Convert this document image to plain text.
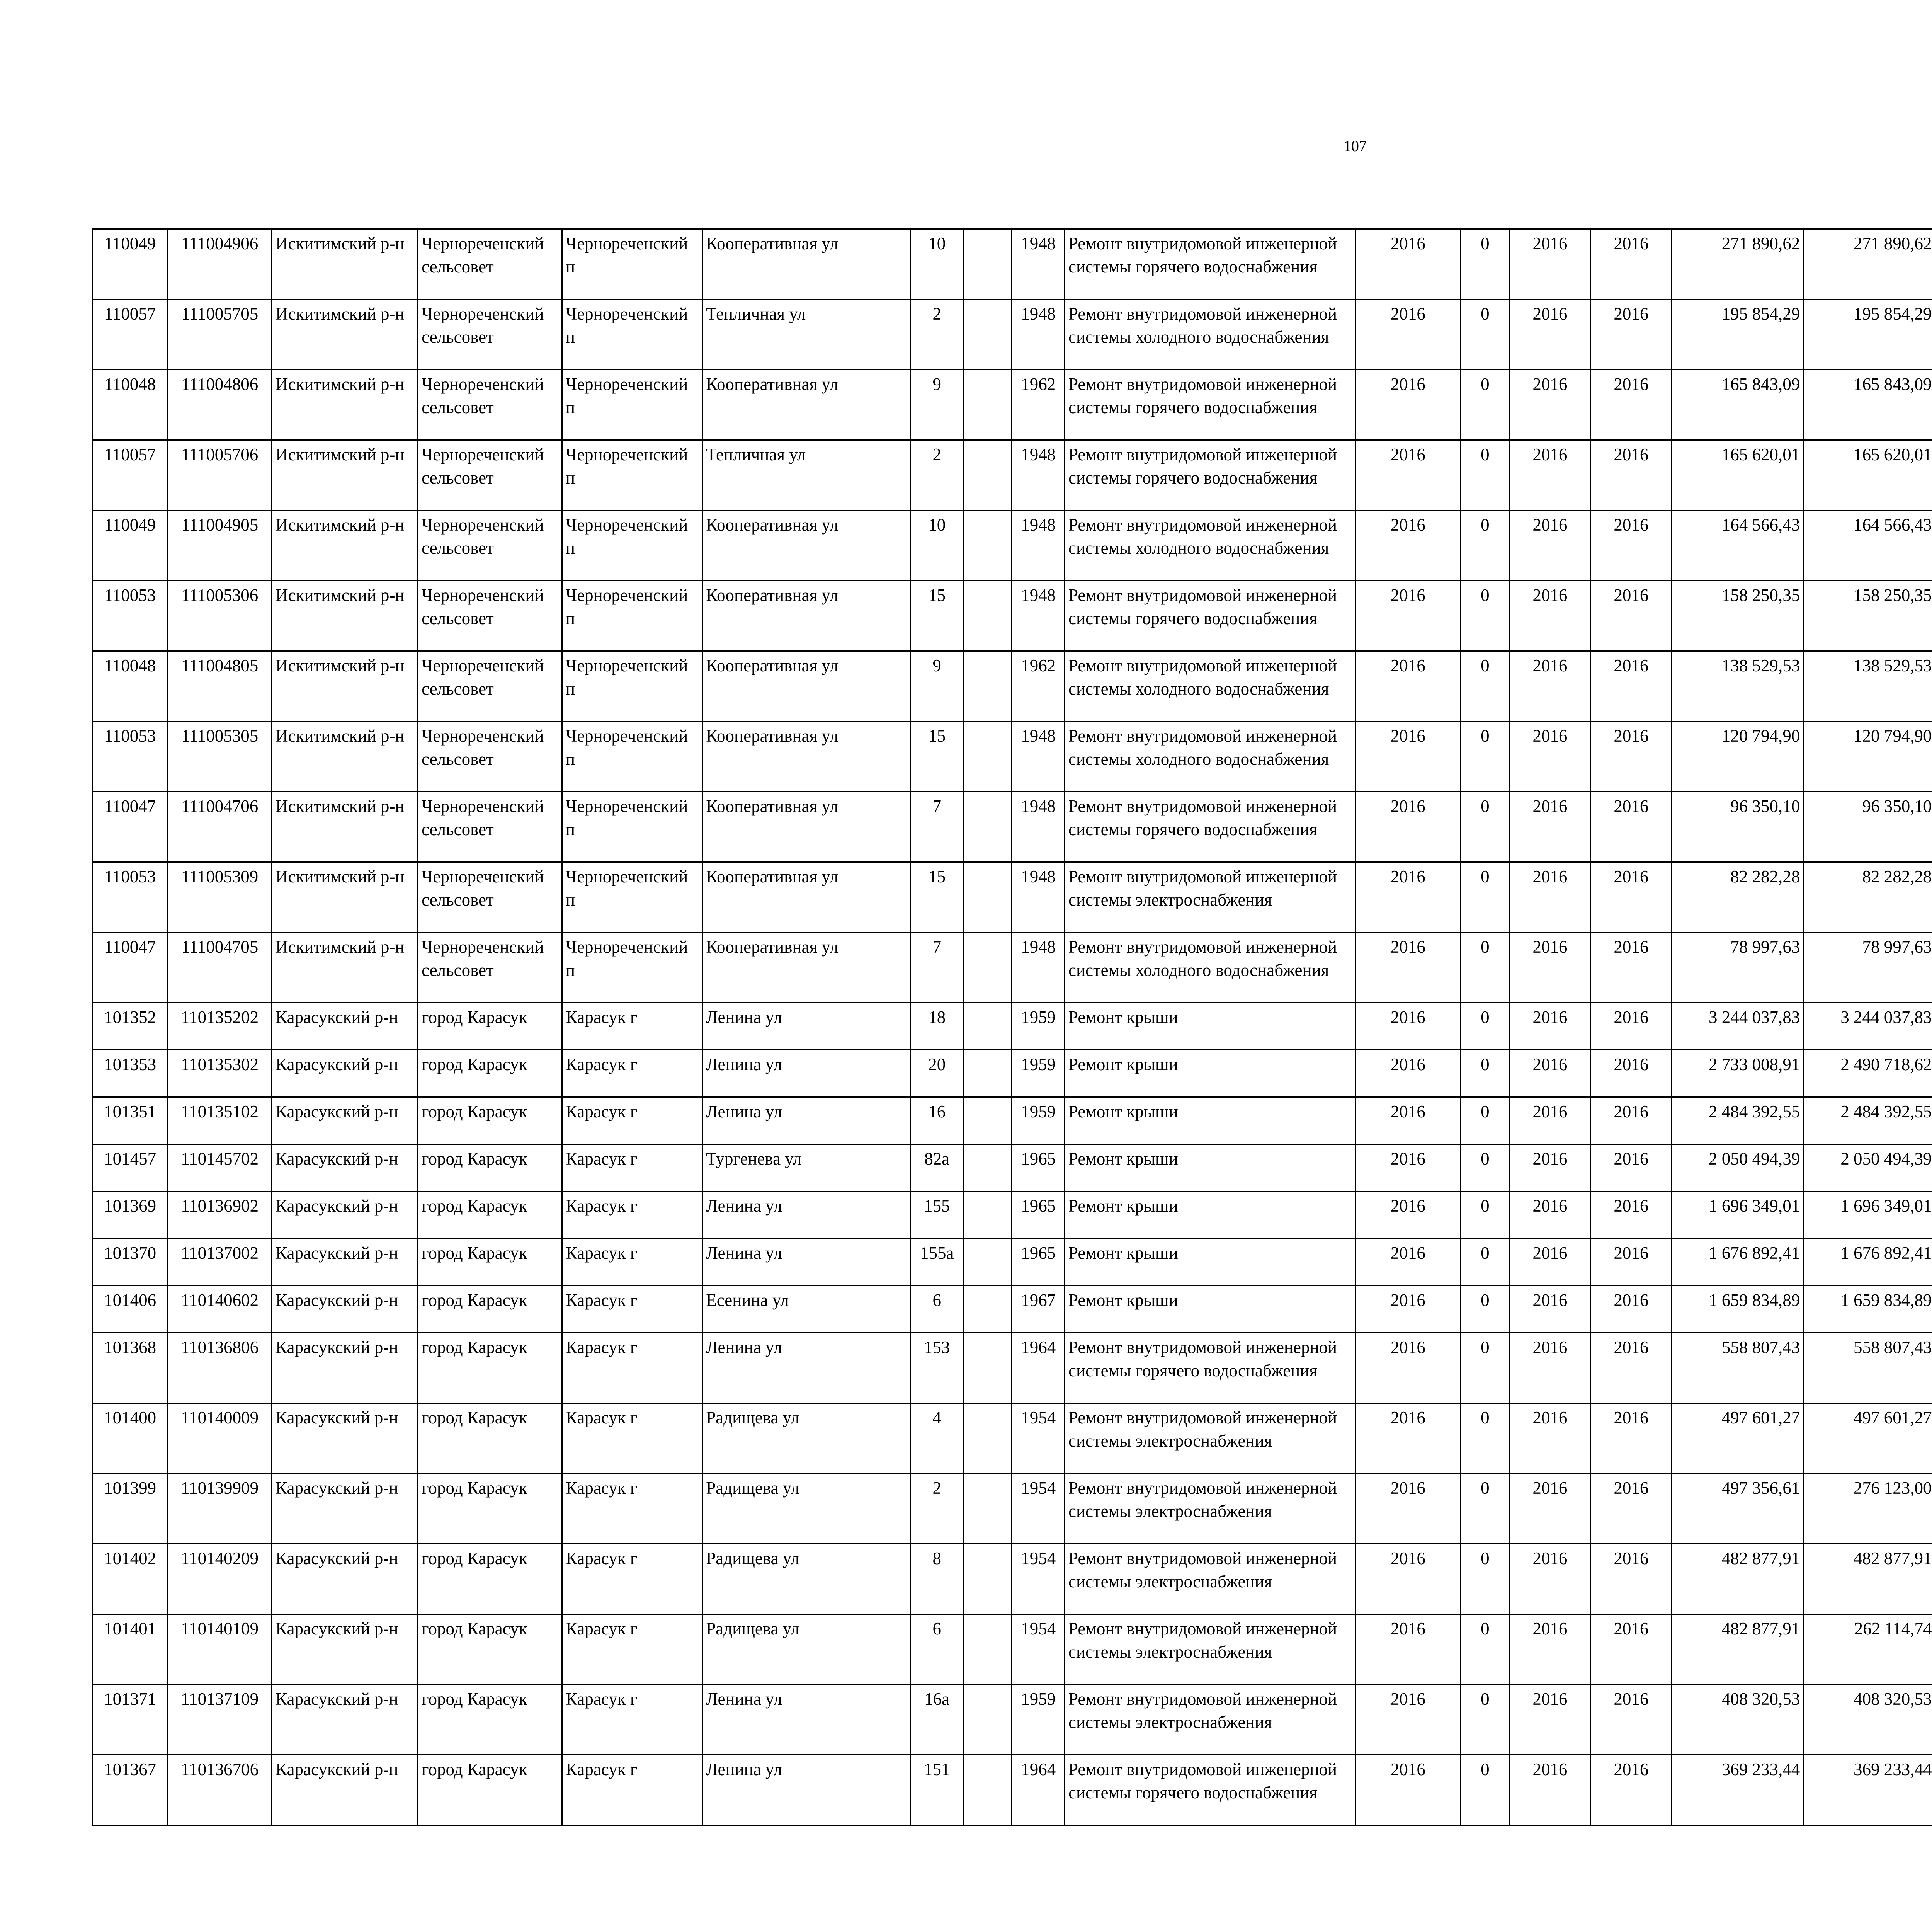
107
110049	111004906	Искитимский р-н	Чернореченский сельсовет	Чернореченский п	Кооперативная ул	10		1948	Ремонт внутридомовой инженерной системы горячего водоснабжения	2016	0	2016	2016	271 890,62	271 890,62					
110057	111005705	Искитимский р-н	Чернореченский сельсовет	Чернореченский п	Тепличная ул	2		1948	Ремонт внутридомовой инженерной системы холодного водоснабжения	2016	0	2016	2016	195 854,29	195 854,29					
110048	111004806	Искитимский р-н	Чернореченский сельсовет	Чернореченский п	Кооперативная ул	9		1962	Ремонт внутридомовой инженерной системы горячего водоснабжения	2016	0	2016	2016	165 843,09	165 843,09					
110057	111005706	Искитимский р-н	Чернореченский сельсовет	Чернореченский п	Тепличная ул	2		1948	Ремонт внутридомовой инженерной системы горячего водоснабжения	2016	0	2016	2016	165 620,01	165 620,01					
110049	111004905	Искитимский р-н	Чернореченский сельсовет	Чернореченский п	Кооперативная ул	10		1948	Ремонт внутридомовой инженерной системы холодного водоснабжения	2016	0	2016	2016	164 566,43	164 566,43					
110053	111005306	Искитимский р-н	Чернореченский сельсовет	Чернореченский п	Кооперативная ул	15		1948	Ремонт внутридомовой инженерной системы горячего водоснабжения	2016	0	2016	2016	158 250,35	158 250,35					
110048	111004805	Искитимский р-н	Чернореченский сельсовет	Чернореченский п	Кооперативная ул	9		1962	Ремонт внутридомовой инженерной системы холодного водоснабжения	2016	0	2016	2016	138 529,53	138 529,53					
110053	111005305	Искитимский р-н	Чернореченский сельсовет	Чернореченский п	Кооперативная ул	15		1948	Ремонт внутридомовой инженерной системы холодного водоснабжения	2016	0	2016	2016	120 794,90	120 794,90					
110047	111004706	Искитимский р-н	Чернореченский сельсовет	Чернореченский п	Кооперативная ул	7		1948	Ремонт внутридомовой инженерной системы горячего водоснабжения	2016	0	2016	2016	96 350,10	96 350,10					
110053	111005309	Искитимский р-н	Чернореченский сельсовет	Чернореченский п	Кооперативная ул	15		1948	Ремонт внутридомовой инженерной системы электроснабжения	2016	0	2016	2016	82 282,28	82 282,28					
110047	111004705	Искитимский р-н	Чернореченский сельсовет	Чернореченский п	Кооперативная ул	7		1948	Ремонт внутридомовой инженерной системы холодного водоснабжения	2016	0	2016	2016	78 997,63	78 997,63					
101352	110135202	Карасукский р-н	город Карасук	Карасук г	Ленина ул	18		1959	Ремонт крыши	2016	0	2016	2016	3 244 037,83	3 244 037,83					
101353	110135302	Карасукский р-н	город Карасук	Карасук г	Ленина ул	20		1959	Ремонт крыши	2016	0	2016	2016	2 733 008,91	2 490 718,62					
101351	110135102	Карасукский р-н	город Карасук	Карасук г	Ленина ул	16		1959	Ремонт крыши	2016	0	2016	2016	2 484 392,55	2 484 392,55					
101457	110145702	Карасукский р-н	город Карасук	Карасук г	Тургенева ул	82а		1965	Ремонт крыши	2016	0	2016	2016	2 050 494,39	2 050 494,39					
101369	110136902	Карасукский р-н	город Карасук	Карасук г	Ленина ул	155		1965	Ремонт крыши	2016	0	2016	2016	1 696 349,01	1 696 349,01					
101370	110137002	Карасукский р-н	город Карасук	Карасук г	Ленина ул	155а		1965	Ремонт крыши	2016	0	2016	2016	1 676 892,41	1 676 892,41					
101406	110140602	Карасукский р-н	город Карасук	Карасук г	Есенина ул	6		1967	Ремонт крыши	2016	0	2016	2016	1 659 834,89	1 659 834,89					
101368	110136806	Карасукский р-н	город Карасук	Карасук г	Ленина ул	153		1964	Ремонт внутридомовой инженерной системы горячего водоснабжения	2016	0	2016	2016	558 807,43	558 807,43					
101400	110140009	Карасукский р-н	город Карасук	Карасук г	Радищева ул	4		1954	Ремонт внутридомовой инженерной системы электроснабжения	2016	0	2016	2016	497 601,27	497 601,27					
101399	110139909	Карасукский р-н	город Карасук	Карасук г	Радищева ул	2		1954	Ремонт внутридомовой инженерной системы электроснабжения	2016	0	2016	2016	497 356,61	276 123,00					
101402	110140209	Карасукский р-н	город Карасук	Карасук г	Радищева ул	8		1954	Ремонт внутридомовой инженерной системы электроснабжения	2016	0	2016	2016	482 877,91	482 877,91					
101401	110140109	Карасукский р-н	город Карасук	Карасук г	Радищева ул	6		1954	Ремонт внутридомовой инженерной системы электроснабжения	2016	0	2016	2016	482 877,91	262 114,74					
101371	110137109	Карасукский р-н	город Карасук	Карасук г	Ленина ул	16а		1959	Ремонт внутридомовой инженерной системы электроснабжения	2016	0	2016	2016	408 320,53	408 320,53					
101367	110136706	Карасукский р-н	город Карасук	Карасук г	Ленина ул	151		1964	Ремонт внутридомовой инженерной системы горячего водоснабжения	2016	0	2016	2016	369 233,44	369 233,44					
